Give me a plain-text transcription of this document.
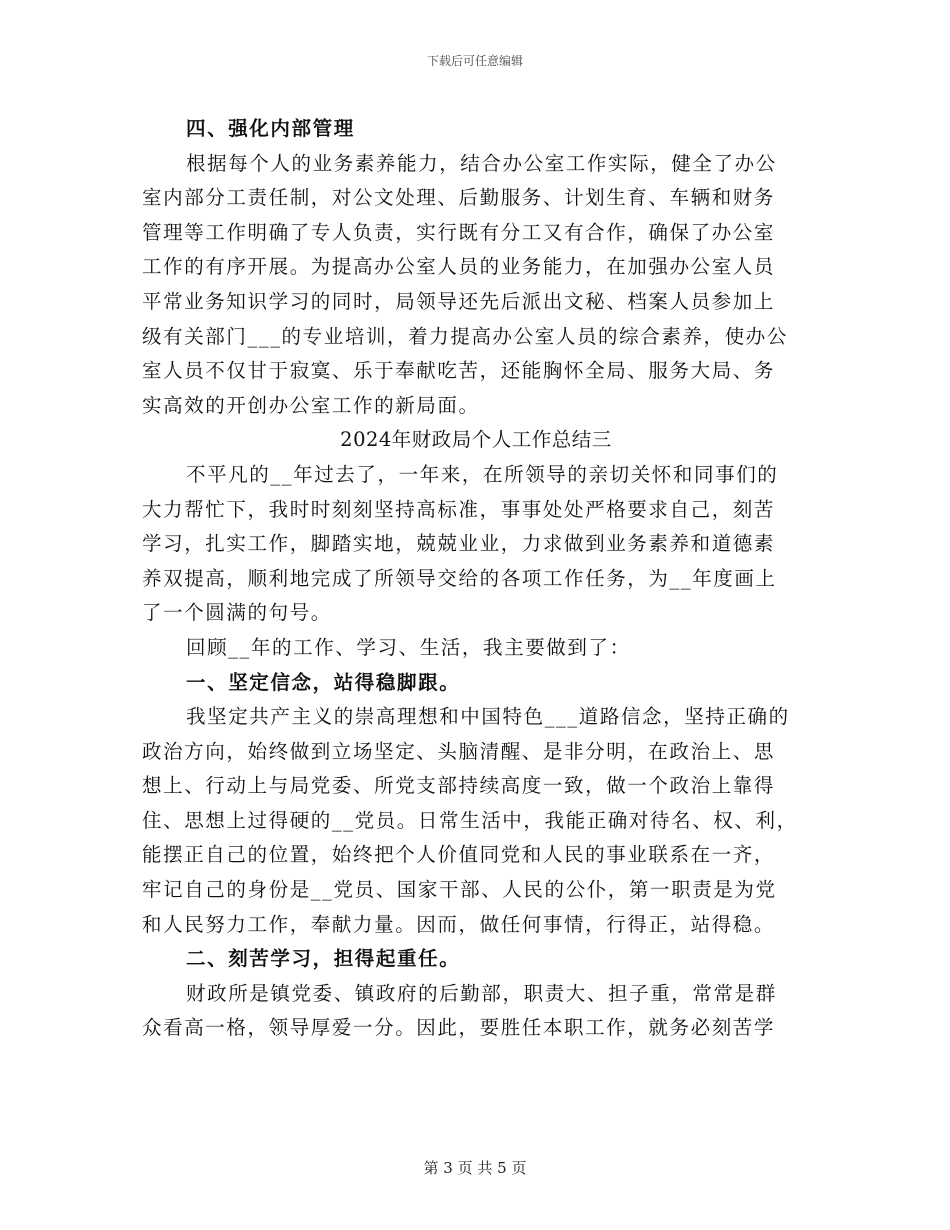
下载后可任意编辑
四、强化内部管理
根据每个人的业务素养能力，结合办公室工作实际，健全了办公
室内部分工责任制，对公文处理、后勤服务、计划生育、车辆和财务
管理等工作明确了专人负责，实行既有分工又有合作，确保了办公室
工作的有序开展。为提高办公室人员的业务能力，在加强办公室人员
平常业务知识学习的同时，局领导还先后派出文秘、档案人员参加上
级有关部门___的专业培训，着力提高办公室人员的综合素养，使办公
室人员不仅甘于寂寞、乐于奉献吃苦，还能胸怀全局、服务大局、务
实高效的开创办公室工作的新局面。
2024年财政局个人工作总结三
不平凡的__年过去了，一年来，在所领导的亲切关怀和同事们的
大力帮忙下，我时时刻刻坚持高标准，事事处处严格要求自己，刻苦
学习，扎实工作，脚踏实地，兢兢业业，力求做到业务素养和道德素
养双提高，顺利地完成了所领导交给的各项工作任务，为__年度画上
了一个圆满的句号。
回顾__年的工作、学习、生活，我主要做到了：
一、坚定信念，站得稳脚跟。
我坚定共产主义的崇高理想和中国特色___道路信念，坚持正确的
政治方向，始终做到立场坚定、头脑清醒、是非分明，在政治上、思
想上、行动上与局党委、所党支部持续高度一致，做一个政治上靠得
住、思想上过得硬的__党员。日常生活中，我能正确对待名、权、利，
能摆正自己的位置，始终把个人价值同党和人民的事业联系在一齐，
牢记自己的身份是__党员、国家干部、人民的公仆，第一职责是为党
和人民努力工作，奉献力量。因而，做任何事情，行得正，站得稳。
二、刻苦学习，担得起重任。
财政所是镇党委、镇政府的后勤部，职责大、担子重，常常是群
众看高一格，领导厚爱一分。因此，要胜任本职工作，就务必刻苦学
第 3 页 共 5 页
